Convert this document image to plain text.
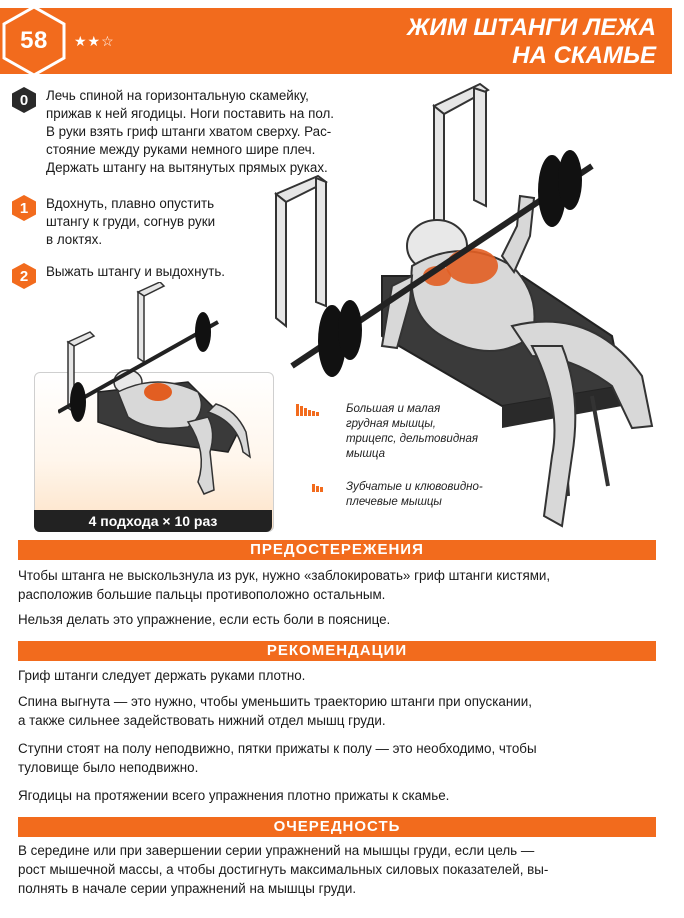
58	★★☆	ЖИМ ШТАНГИ ЛЕЖА
НА СКАМЬЕ
0	Лечь спиной на горизонтальную скамейку,
прижав к ней ягодицы. Ноги поставить на пол.
В руки взять гриф штанги хватом сверху. Рас-
стояние между руками немного шире плеч.
Держать штангу на вытянутых прямых руках.
1	Вдохнуть, плавно опустить
штангу к груди, согнув руки
в локтях.
2	Выжать штангу и выдохнуть.
4 подхода × 10 раз
Большая и малая
грудная мышцы,
трицепс, дельтовидная
мышца
Зубчатые и клювовидно-
плечевые мышцы
ПРЕДОСТЕРЕЖЕНИЯ
Чтобы штанга не выскользнула из рук, нужно «заблокировать» гриф штанги кистями,
расположив большие пальцы противоположно остальным.
Нельзя делать это упражнение, если есть боли в пояснице.
РЕКОМЕНДАЦИИ
Гриф штанги следует держать руками плотно.
Спина выгнута — это нужно, чтобы уменьшить траекторию штанги при опускании,
а также сильнее задействовать нижний отдел мышц груди.
Ступни стоят на полу неподвижно, пятки прижаты к полу — это необходимо, чтобы
туловище было неподвижно.
Ягодицы на протяжении всего упражнения плотно прижаты к скамье.
ОЧЕРЕДНОСТЬ
В середине или при завершении серии упражнений на мышцы груди, если цель —
рост мышечной массы, а чтобы достигнуть максимальных силовых показателей, вы-
полнять в начале серии упражнений на мышцы груди.
